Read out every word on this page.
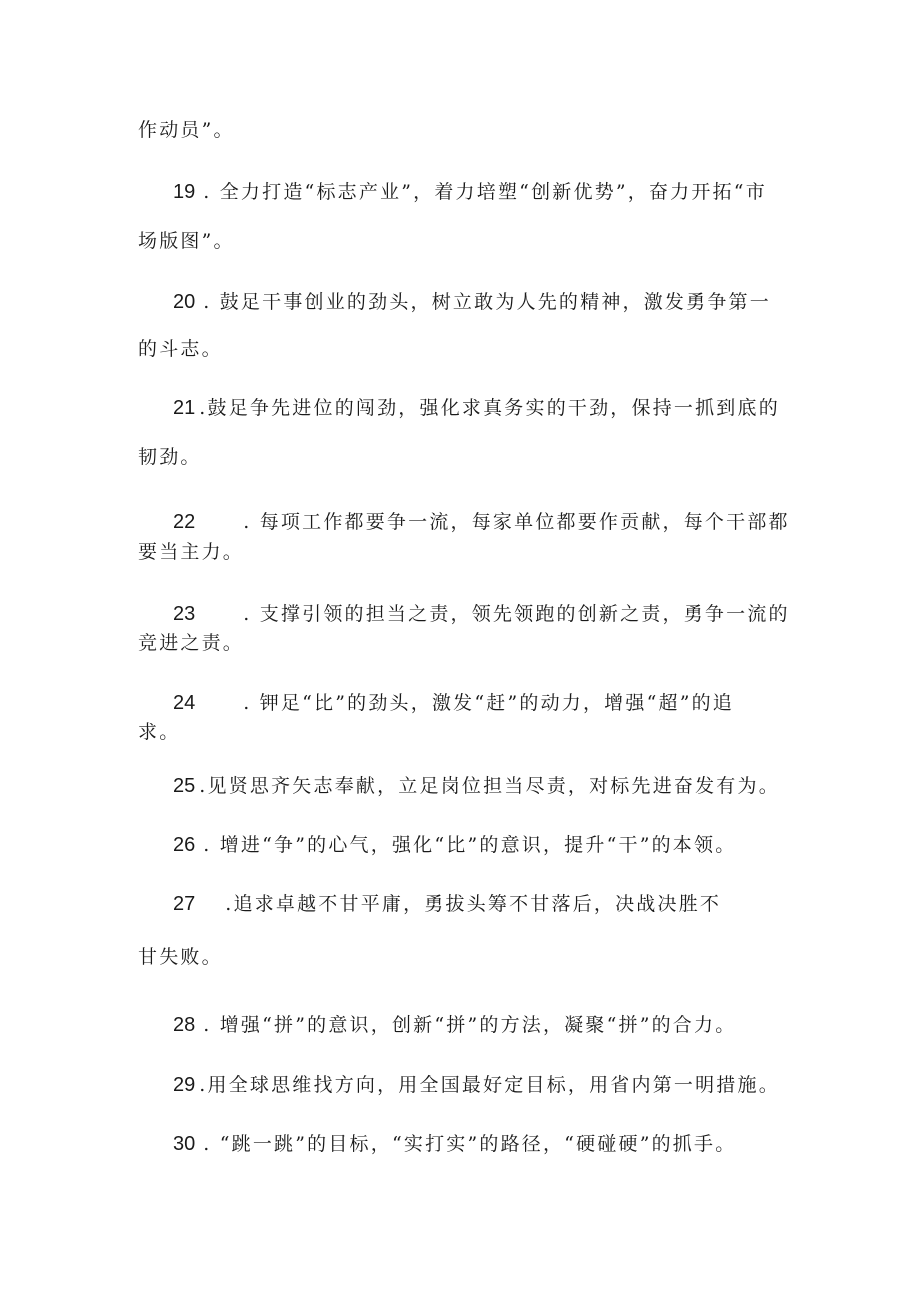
作动员”。
19 . 全力打造“标志产业”，着力培塑“创新优势”，奋力开拓“市
场版图”。
20 . 鼓足干事创业的劲头，树立敢为人先的精神，激发勇争第一
的斗志。
21 .鼓足争先进位的闯劲，强化求真务实的干劲，保持一抓到底的
韧劲。
22	. 每项工作都要争一流，每家单位都要作贡献，每个干部都
要当主力。
23	. 支撑引领的担当之责，领先领跑的创新之责，勇争一流的
竞进之责。
24	. 钾足“比”的劲头，激发“赶”的动力，增强“超”的追
求。
25 .见贤思齐矢志奉献，立足岗位担当尽责，对标先进奋发有为。
26 . 增进“争”的心气，强化“比”的意识，提升“干”的本领。
27 .追求卓越不甘平庸，勇拔头筹不甘落后，决战决胜不
甘失败。
28 . 增强“拼”的意识，创新“拼”的方法，凝聚“拼”的合力。
29 .用全球思维找方向，用全国最好定目标，用省内第一明措施。
30 . “跳一跳”的目标，“实打实”的路径，“硬碰硬”的抓手。
